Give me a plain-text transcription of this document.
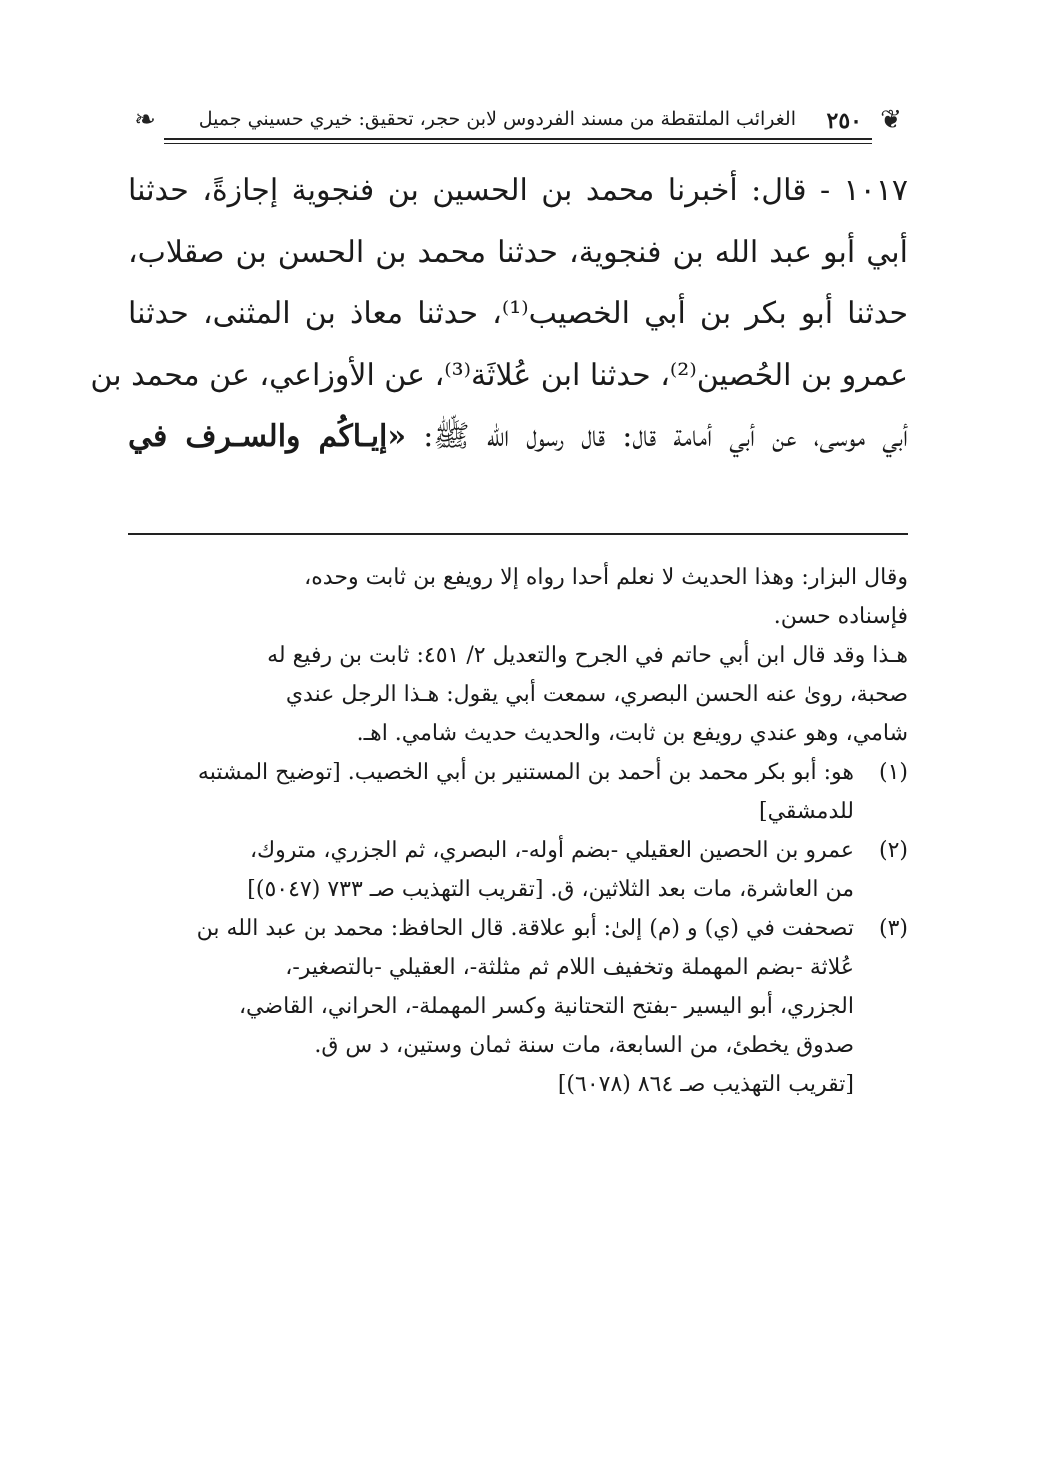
❦
٢٥٠
الغرائب الملتقطة من مسند الفردوس لابن حجر، تحقيق: خيري حسيني جميل
❧
١٠١٧ - قال: أخبرنا محمد بن الحسين بن فنجوية إجازةً، حدثنا
أبي أبو عبد الله بن فنجوية، حدثنا محمد بن الحسن بن صقلاب،
حدثنا أبو بكر بن أبي الخصيب⁽¹⁾، حدثنا معاذ بن المثنى، حدثنا
عمرو بن الحُصين⁽²⁾، حدثنا ابن عُلاثَة⁽³⁾، عن الأوزاعي، عن محمد بن
أبي موسى، عن أبي أمامة قال: قال رسول الله ﷺ: «إيـاكُم والسـرف في
وقال البزار: وهذا الحديث لا نعلم أحدا رواه إلا رويفع بن ثابت وحده،
فإسناده حسن.
هـذا وقد قال ابن أبي حاتم في الجرح والتعديل ٢/ ٤٥١: ثابت بن رفيع له
صحبة، روىٰ عنه الحسن البصري، سمعت أبي يقول: هـذا الرجل عندي
شامي، وهو عندي رويفع بن ثابت، والحديث حديث شامي. اهـ.
(١)
هو: أبو بكر محمد بن أحمد بن المستنير بن أبي الخصيب. [توضيح المشتبه
للدمشقي]
(٢)
عمرو بن الحصين العقيلي -بضم أوله-، البصري، ثم الجزري، متروك،
من العاشرة، مات بعد الثلاثين، ق. [تقريب التهذيب صـ ٧٣٣ (٥٠٤٧)]
(٣)
تصحفت في (ي) و (م) إلىٰ: أبو علاقة. قال الحافظ: محمد بن عبد الله بن
عُلاثة -بضم المهملة وتخفيف اللام ثم مثلثة-، العقيلي -بالتصغير-،
الجزري، أبو اليسير -بفتح التحتانية وكسر المهملة-، الحراني، القاضي،
صدوق يخطئ، من السابعة، مات سنة ثمان وستين، د س ق.
[تقريب التهذيب صـ ٨٦٤ (٦٠٧٨)]
